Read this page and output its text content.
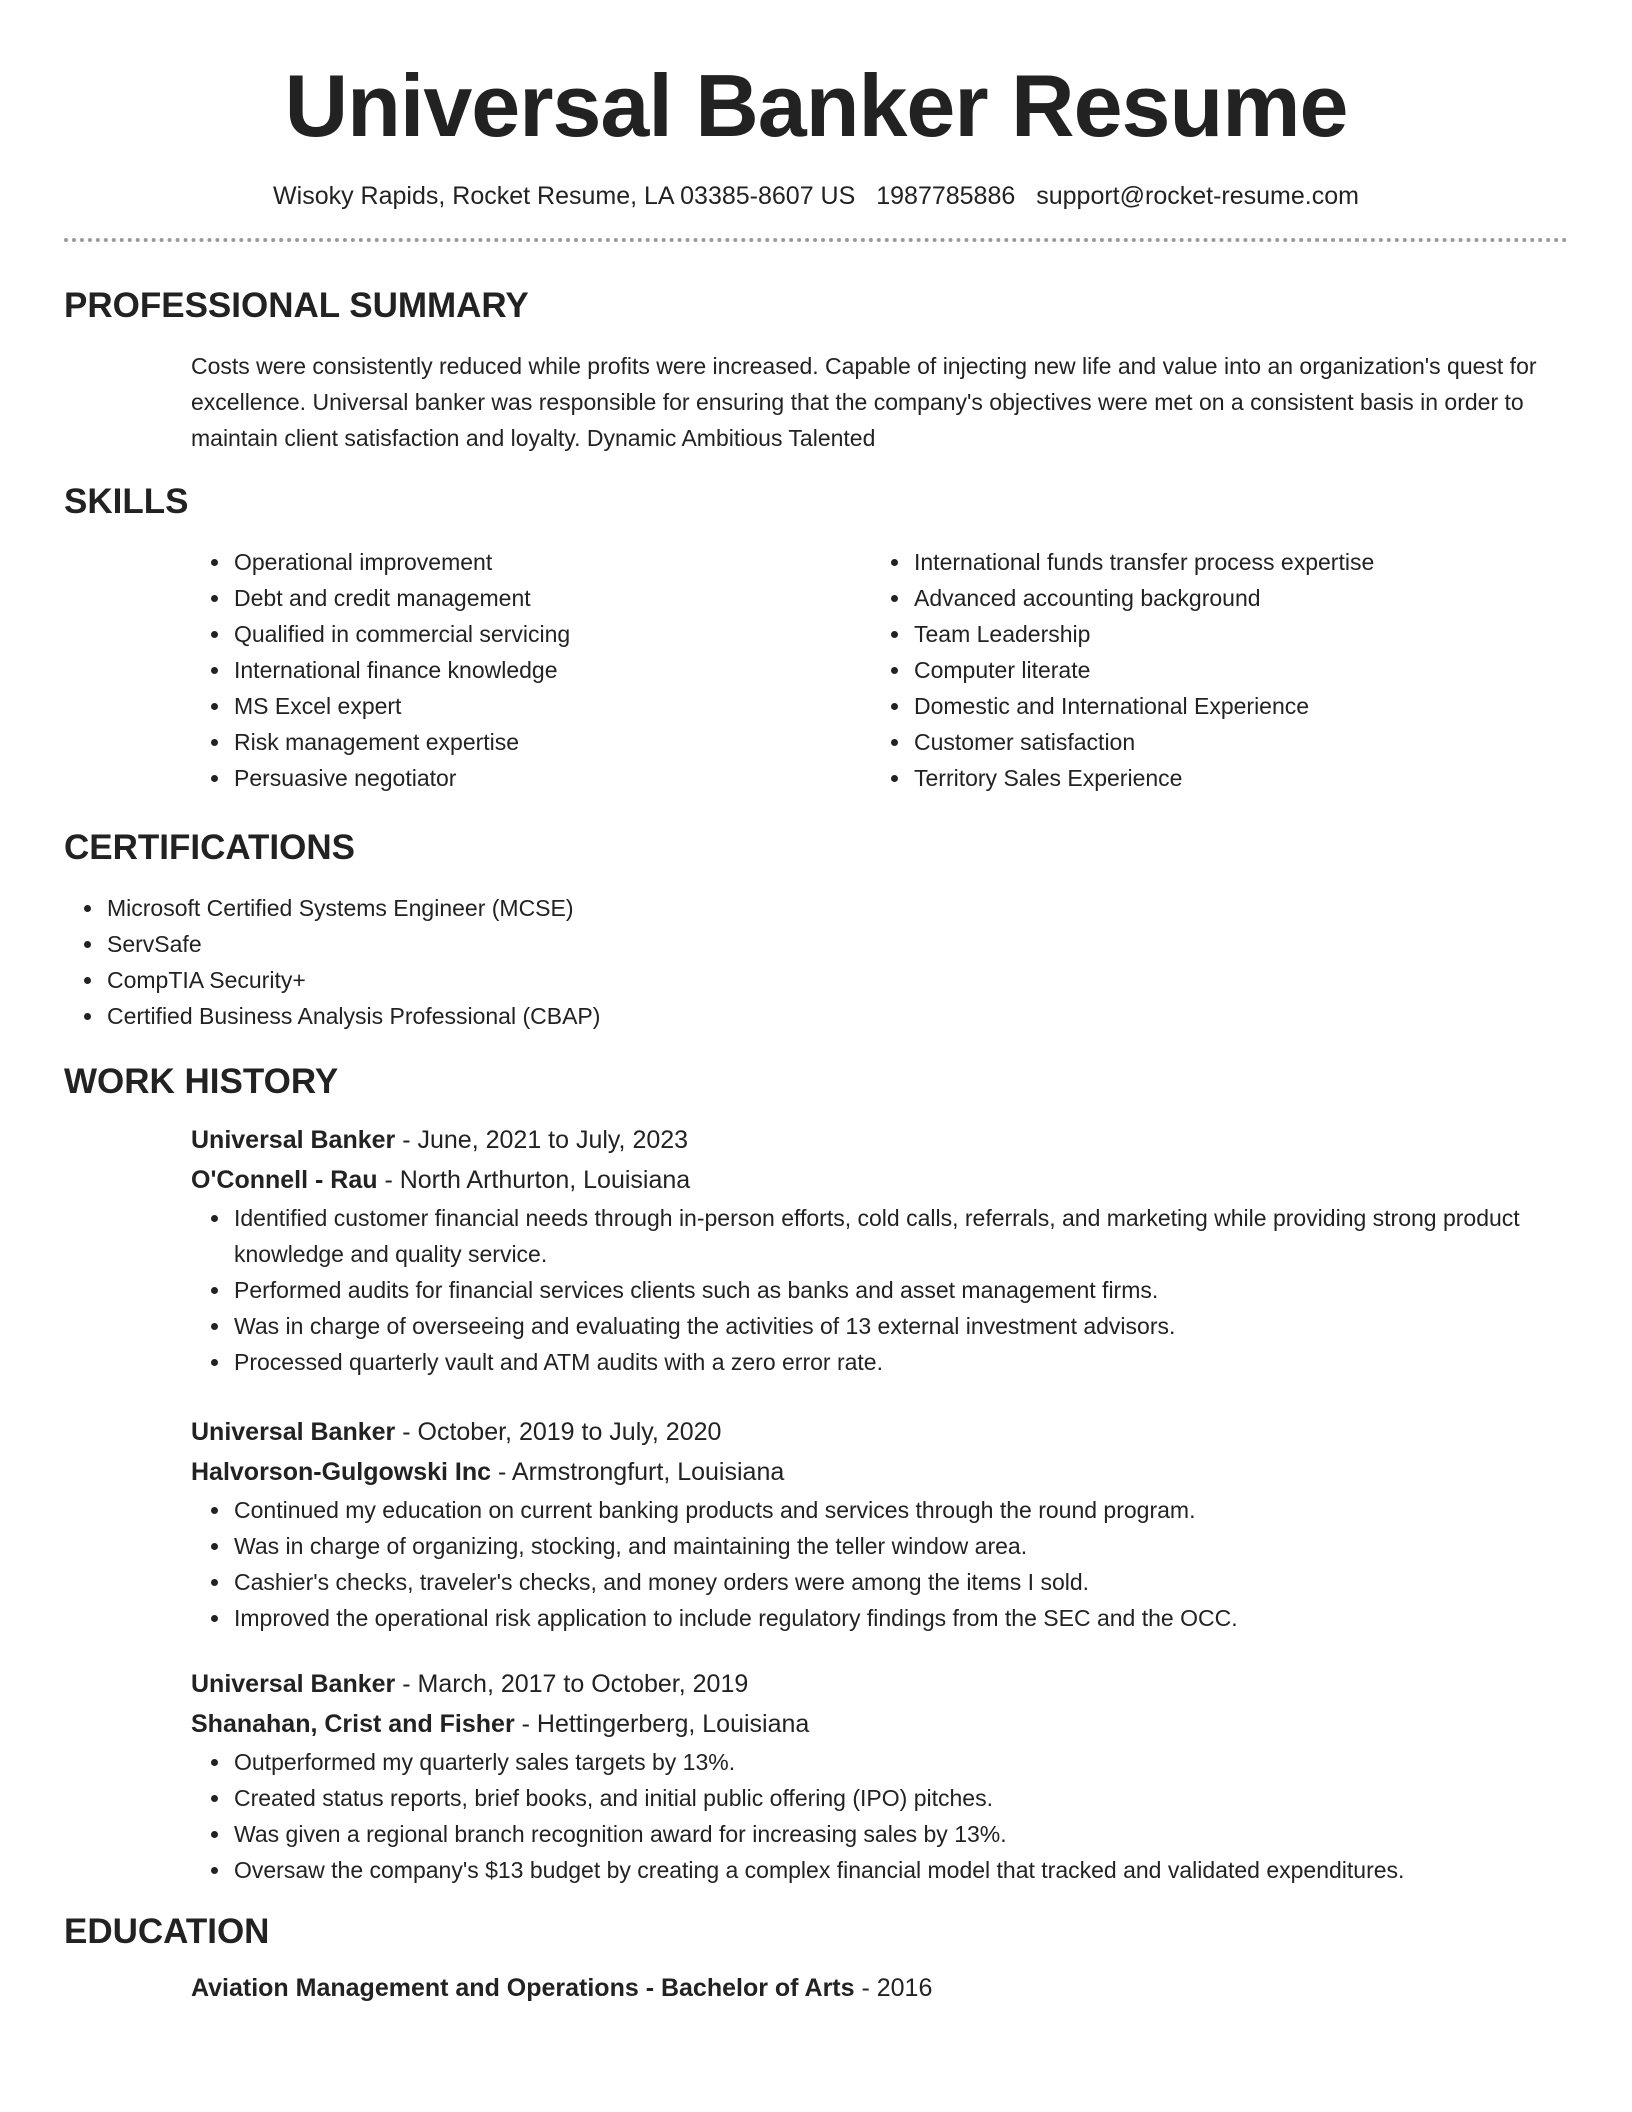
Universal Banker Resume
Wisoky Rapids, Rocket Resume, LA 03385-8607 US 1987785886 support@rocket-resume.com
PROFESSIONAL SUMMARY

Costs were consistently reduced while profits were increased. Capable of injecting new life and value into an organization's quest for excellence. Universal banker was responsible for ensuring that the company's objectives were met on a consistent basis in order to maintain client satisfaction and loyalty. Dynamic Ambitious Talented

SKILLS
Operational improvement
Debt and credit management
Qualified in commercial servicing
International finance knowledge
MS Excel expert
Risk management expertise
Persuasive negotiator
International funds transfer process expertise
Advanced accounting background
Team Leadership
Computer literate
Domestic and International Experience
Customer satisfaction
Territory Sales Experience
CERTIFICATIONS
Microsoft Certified Systems Engineer (MCSE)
ServSafe
CompTIA Security+
Certified Business Analysis Professional (CBAP)
WORK HISTORY
Universal Banker - June, 2021 to July, 2023
O'Connell - Rau - North Arthurton, Louisiana
Identified customer financial needs through in-person efforts, cold calls, referrals, and marketing while providing strong product knowledge and quality service.
Performed audits for financial services clients such as banks and asset management firms.
Was in charge of overseeing and evaluating the activities of 13 external investment advisors.
Processed quarterly vault and ATM audits with a zero error rate.
Universal Banker - October, 2019 to July, 2020
Halvorson-Gulgowski Inc - Armstrongfurt, Louisiana
Continued my education on current banking products and services through the round program.
Was in charge of organizing, stocking, and maintaining the teller window area.
Cashier's checks, traveler's checks, and money orders were among the items I sold.
Improved the operational risk application to include regulatory findings from the SEC and the OCC.
Universal Banker - March, 2017 to October, 2019
Shanahan, Crist and Fisher - Hettingerberg, Louisiana
Outperformed my quarterly sales targets by 13%.
Created status reports, brief books, and initial public offering (IPO) pitches.
Was given a regional branch recognition award for increasing sales by 13%.
Oversaw the company's $13 budget by creating a complex financial model that tracked and validated expenditures.
EDUCATION
Aviation Management and Operations - Bachelor of Arts - 2016
